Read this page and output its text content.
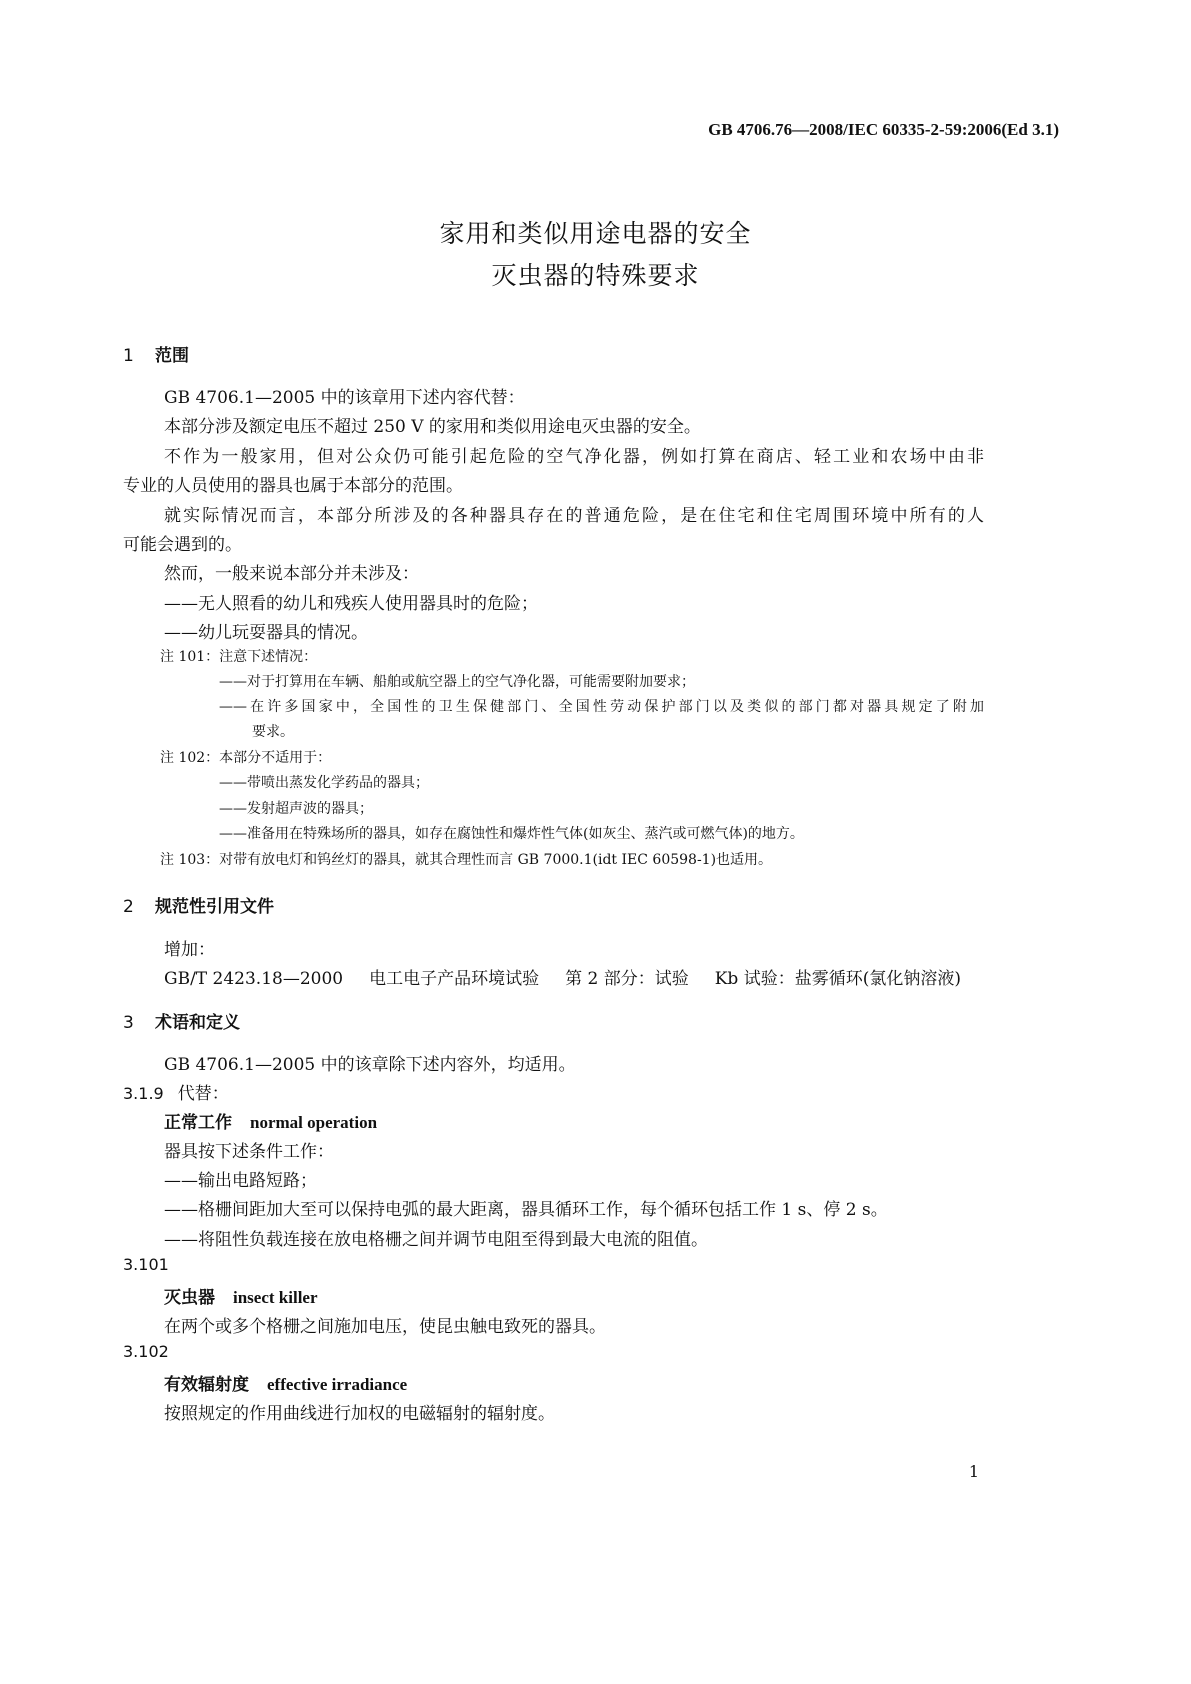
GB 4706.76—2008/IEC 60335-2-59:2006(Ed 3.1)
家用和类似用途电器的安全
灭虫器的特殊要求
1 范围
GB 4706.1—2005 中的该章用下述内容代替：
本部分涉及额定电压不超过 250 V 的家用和类似用途电灭虫器的安全。
不作为一般家用，但对公众仍可能引起危险的空气净化器，例如打算在商店、轻工业和农场中由非
专业的人员使用的器具也属于本部分的范围。
就实际情况而言，本部分所涉及的各种器具存在的普通危险，是在住宅和住宅周围环境中所有的人
可能会遇到的。
然而，一般来说本部分并未涉及：
——无人照看的幼儿和残疾人使用器具时的危险；
——幼儿玩耍器具的情况。
注 101：注意下述情况：
——对于打算用在车辆、船舶或航空器上的空气净化器，可能需要附加要求；
——在许多国家中，全国性的卫生保健部门、全国性劳动保护部门以及类似的部门都对器具规定了附加
要求。
注 102：本部分不适用于：
——带喷出蒸发化学药品的器具；
——发射超声波的器具；
——准备用在特殊场所的器具，如存在腐蚀性和爆炸性气体(如灰尘、蒸汽或可燃气体)的地方。
注 103：对带有放电灯和钨丝灯的器具，就其合理性而言 GB 7000.1(idt IEC 60598-1)也适用。
2 规范性引用文件
增加：
GB/T 2423.18—2000 电工电子产品环境试验 第 2 部分：试验 Kb 试验：盐雾循环(氯化钠溶液)
3 术语和定义
GB 4706.1—2005 中的该章除下述内容外，均适用。
3.1.9 代替：
正常工作 normal operation
器具按下述条件工作：
——输出电路短路；
——格栅间距加大至可以保持电弧的最大距离，器具循环工作，每个循环包括工作 1 s、停 2 s。
——将阻性负载连接在放电格栅之间并调节电阻至得到最大电流的阻值。
3.101
灭虫器 insect killer
在两个或多个格栅之间施加电压，使昆虫触电致死的器具。
3.102
有效辐射度 effective irradiance
按照规定的作用曲线进行加权的电磁辐射的辐射度。
1
